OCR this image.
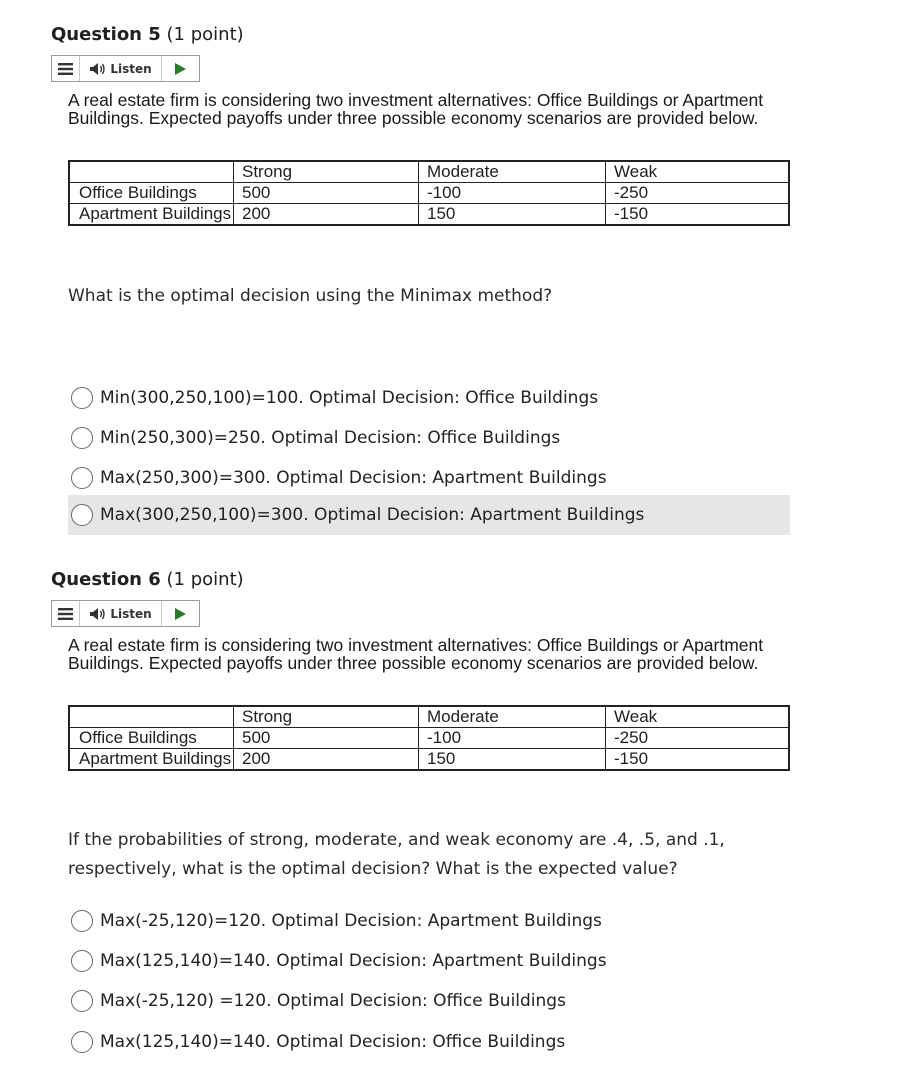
Question 5 (1 point)
Listen
A real estate firm is considering two investment alternatives: Office Buildings or Apartment Buildings. Expected payoffs under three possible economy scenarios are provided below.
	Strong	Moderate	Weak
Office Buildings	500	-100	-250
Apartment Buildings	200	150	-150
What is the optimal decision using the Minimax method?
Min(300,250,100)=100. Optimal Decision: Office Buildings
Min(250,300)=250. Optimal Decision: Office Buildings
Max(250,300)=300. Optimal Decision: Apartment Buildings
Max(300,250,100)=300. Optimal Decision: Apartment Buildings
Question 6 (1 point)
Listen
A real estate firm is considering two investment alternatives: Office Buildings or Apartment Buildings. Expected payoffs under three possible economy scenarios are provided below.
	Strong	Moderate	Weak
Office Buildings	500	-100	-250
Apartment Buildings	200	150	-150
If the probabilities of strong, moderate, and weak economy are .4, .5, and .1, respectively, what is the optimal decision? What is the expected value?
Max(-25,120)=120. Optimal Decision: Apartment Buildings
Max(125,140)=140. Optimal Decision: Apartment Buildings
Max(-25,120) =120. Optimal Decision: Office Buildings
Max(125,140)=140. Optimal Decision: Office Buildings
